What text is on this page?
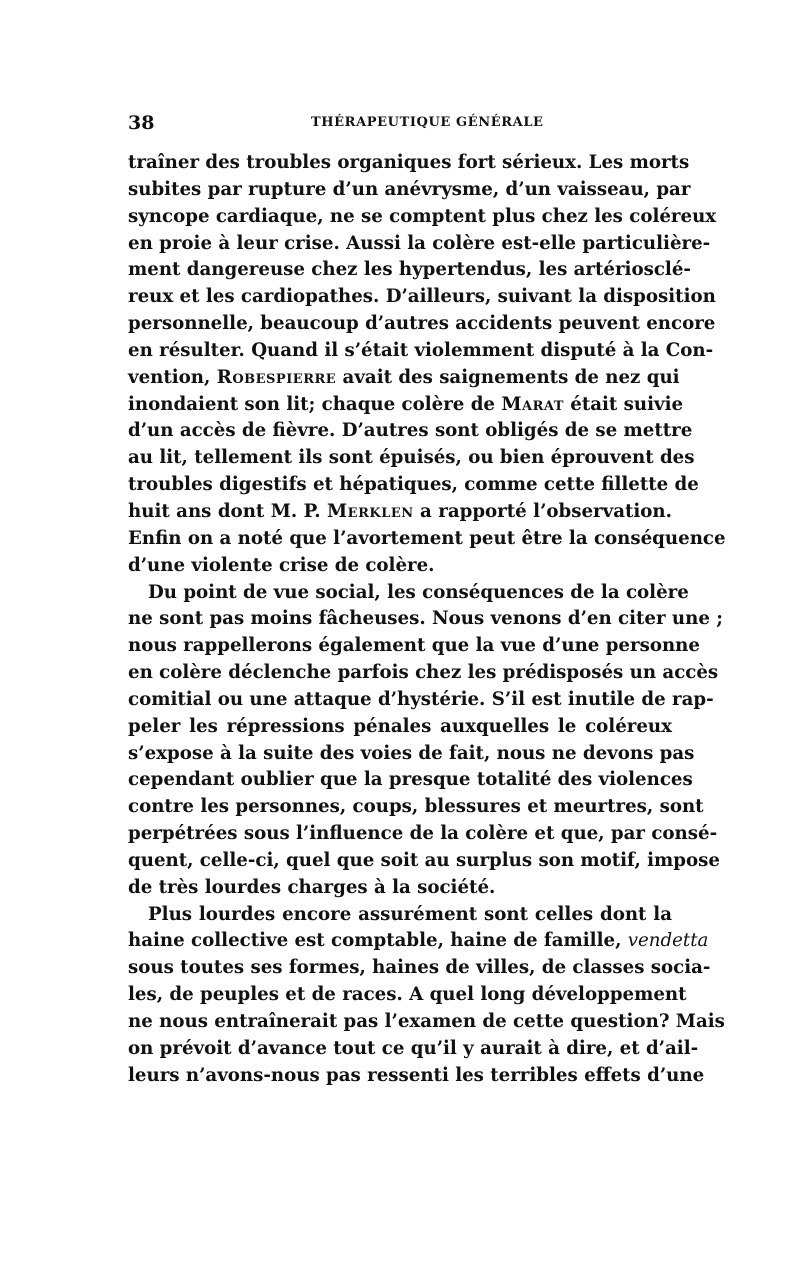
38	THÉRAPEUTIQUE GÉNÉRALE
traîner des troubles organiques fort sérieux. Les morts
subites par rupture d’un anévrysme, d’un vaisseau, par
syncope cardiaque, ne se comptent plus chez les coléreux
en proie à leur crise. Aussi la colère est-elle particulière-
ment dangereuse chez les hypertendus, les artériosclé-
reux et les cardiopathes. D’ailleurs, suivant la disposition
personnelle, beaucoup d’autres accidents peuvent encore
en résulter. Quand il s’était violemment disputé à la Con-
vention, Robespierre avait des saignements de nez qui
inondaient son lit; chaque colère de Marat était suivie
d’un accès de fièvre. D’autres sont obligés de se mettre
au lit, tellement ils sont épuisés, ou bien éprouvent des
troubles digestifs et hépatiques, comme cette fillette de
huit ans dont M. P. Merklen a rapporté l’observation.
Enfin on a noté que l’avortement peut être la conséquence
d’une violente crise de colère.
Du point de vue social, les conséquences de la colère
ne sont pas moins fâcheuses. Nous venons d’en citer une ;
nous rappellerons également que la vue d’une personne
en colère déclenche parfois chez les prédisposés un accès
comitial ou une attaque d’hystérie. S’il est inutile de rap-
peler les répressions pénales auxquelles le coléreux
s’expose à la suite des voies de fait, nous ne devons pas
cependant oublier que la presque totalité des violences
contre les personnes, coups, blessures et meurtres, sont
perpétrées sous l’influence de la colère et que, par consé-
quent, celle-ci, quel que soit au surplus son motif, impose
de très lourdes charges à la société.
Plus lourdes encore assurément sont celles dont la
haine collective est comptable, haine de famille, vendetta
sous toutes ses formes, haines de villes, de classes socia-
les, de peuples et de races. A quel long développement
ne nous entraînerait pas l’examen de cette question? Mais
on prévoit d’avance tout ce qu’il y aurait à dire, et d’ail-
leurs n’avons-nous pas ressenti les terribles effets d’une
